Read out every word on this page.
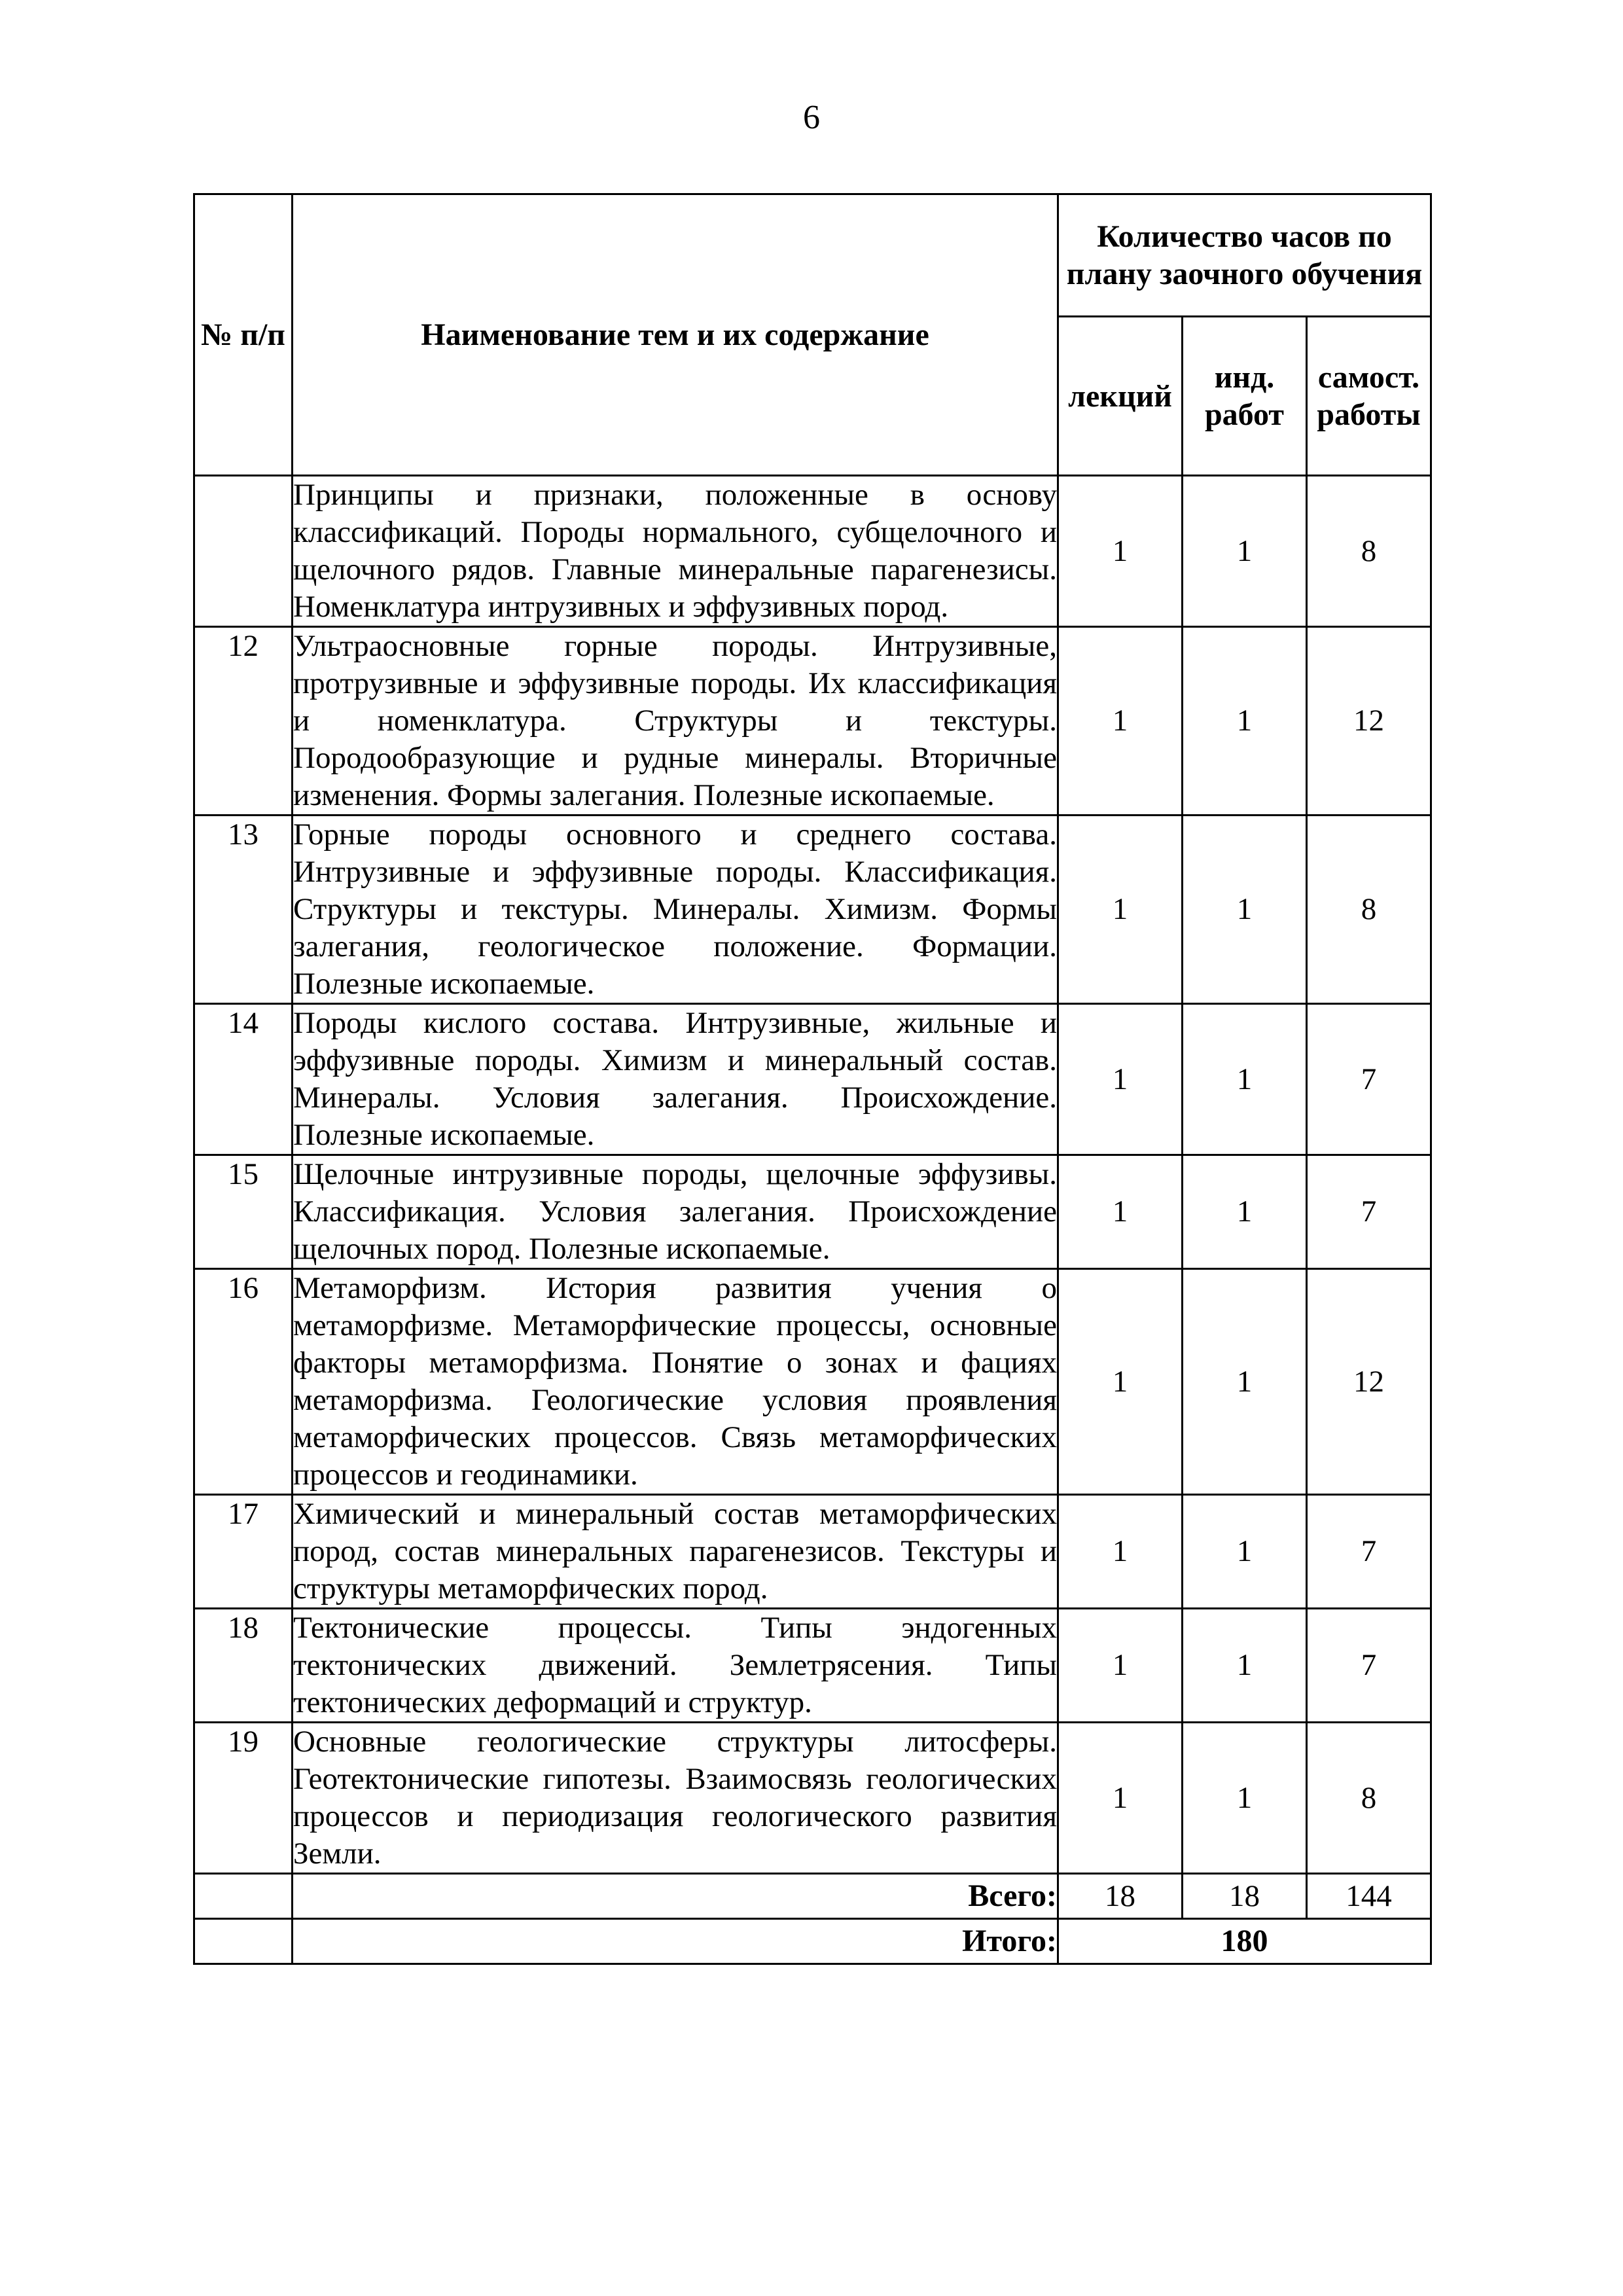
6
№ п/п	Наименование тем и их содержание	Количество часов по плану заочного обучения		
		лекций	инд. работ	самост. работы
	Принципы и признаки, положенные в основу классификаций. Породы нормального, субщелочного и щелочного рядов. Главные минеральные парагенезисы. Номенклатура интрузивных и эффузивных пород.	1	1	8
12	Ультраосновные горные породы. Интрузивные, протрузивные и эффузивные породы. Их классификация и номенклатура. Структуры и текстуры. Породообразующие и рудные минералы. Вторичные изменения. Формы залегания. Полезные ископаемые.	1	1	12
13	Горные породы основного и среднего состава. Интрузивные и эффузивные породы. Классификация. Структуры и текстуры. Минералы. Химизм. Формы залегания, геологическое положение. Формации. Полезные ископаемые.	1	1	8
14	Породы кислого состава. Интрузивные, жильные и эффузивные породы. Химизм и минеральный состав. Минералы. Условия залегания. Происхождение. Полезные ископаемые.	1	1	7
15	Щелочные интрузивные породы, щелочные эффузивы. Классификация. Условия залегания. Происхождение щелочных пород. Полезные ископаемые.	1	1	7
16	Метаморфизм. История развития учения о метаморфизме. Метаморфические процессы, основные факторы метаморфизма. Понятие о зонах и фациях метаморфизма. Геологические условия проявления метаморфических процессов. Связь метаморфических процессов и геодинамики.	1	1	12
17	Химический и минеральный состав метаморфических пород, состав минеральных парагенезисов. Текстуры и структуры метаморфических пород.	1	1	7
18	Тектонические процессы. Типы эндогенных тектонических движений. Землетрясения. Типы тектонических деформаций и структур.	1	1	7
19	Основные геологические структуры литосферы. Геотектонические гипотезы. Взаимосвязь геологических процессов и периодизация геологического развития Земли.	1	1	8
	Всего:	18	18	144
	Итого:	180		
